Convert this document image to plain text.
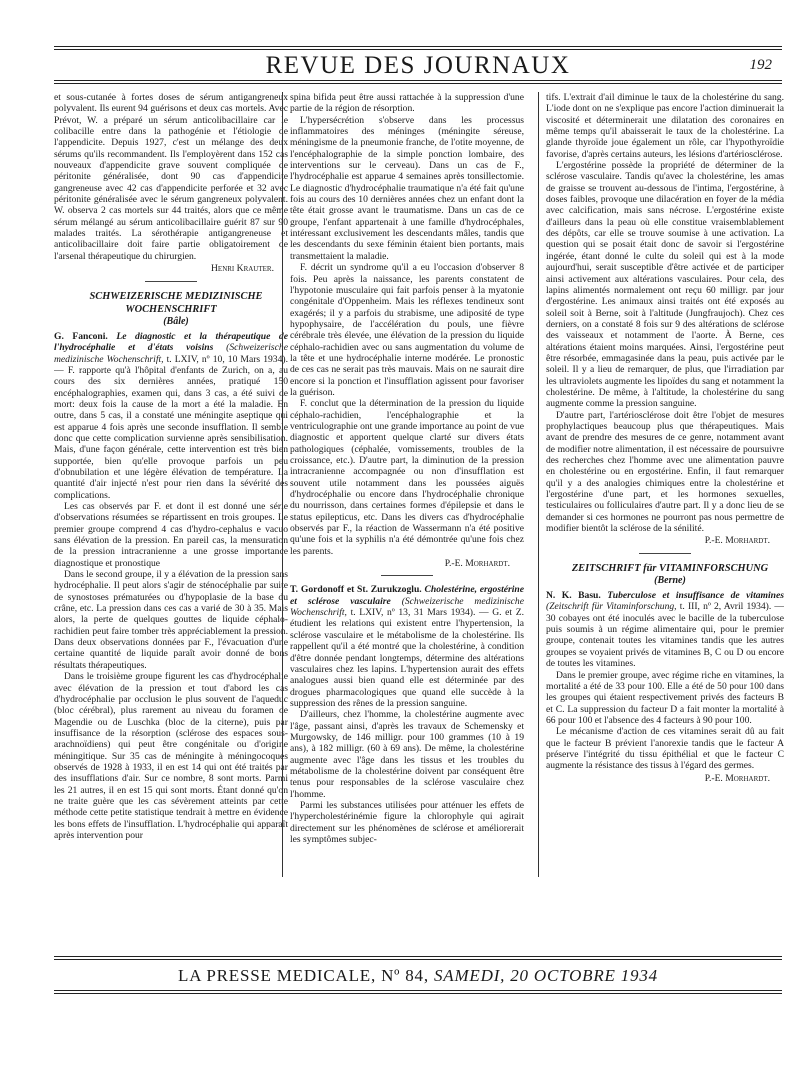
REVUE DES JOURNAUX	192

et sous-cutanée à fortes doses de sérum antigangreneux polyvalent. Ils eurent 94 guérisons et deux cas mortels. Avec Prévot, W. a préparé un sérum anticolibacillaire car le colibacille entre dans la pathogénie et l'étiologie de l'appendicite. Depuis 1927, c'est un mélange des deux sérums qu'ils recommandent. Ils l'employèrent dans 152 cas nouveaux d'appendicite grave souvent compliquée de péritonite généralisée, dont 90 cas d'appendicite gangreneuse avec 42 cas d'appendicite perforée et 32 avec péritonite généralisée avec le sérum gangreneux polyvalent. W. observa 2 cas mortels sur 44 traités, alors que ce même sérum mélangé au sérum anticolibacillaire guérit 87 sur 90 malades traités. La sérothérapie antigangreneuse et anticolibacillaire doit faire partie obligatoirement de l'arsenal thérapeutique du chirurgien.

Henri Krauter.

SCHWEIZERISCHE MEDIZINISCHE WOCHENSCHRIFT

(Bâle)

G. Fanconi. Le diagnostic et la thérapeutique de l'hydrocéphalie et d'états voisins (Schweizerische medizinische Wochenschrift, t. LXIV, nº 10, 10 Mars 1934). — F. rapporte qu'à l'hôpital d'enfants de Zurich, on a, au cours des six dernières années, pratiqué 150 encéphalographies, examen qui, dans 3 cas, a été suivi de mort: deux fois la cause de la mort a été la maladie. En outre, dans 5 cas, il a constaté une méningite aseptique qui est apparue 4 fois après une seconde insufflation. Il semble donc que cette complication survienne après sensibilisation. Mais, d'une façon générale, cette intervention est très bien supportée, bien qu'elle provoque parfois un peu d'obnubilation et une légère élévation de température. La quantité d'air injecté n'est pour rien dans la sévérité des complications.

Les cas observés par F. et dont il est donné une série d'observations résumées se répartissent en trois groupes. Le premier groupe comprend 4 cas d'hydro-cephalus e vacuo sans élévation de la pression. En pareil cas, la mensuration de la pression intracranienne a une grosse importance diagnostique et pronostique

Dans le second groupe, il y a élévation de la pression sans hydrocéphalie. Il peut alors s'agir de sténocéphalie par suite de synostoses prématurées ou d'hypoplasie de la base du crâne, etc. La pression dans ces cas a varié de 30 à 35. Mais alors, la perte de quelques gouttes de liquide céphalo-rachidien peut faire tomber très appréciablement la pression. Dans deux observations données par F., l'évacuation d'une certaine quantité de liquide paraît avoir donné de bons résultats thérapeutiques.

Dans le troisième groupe figurent les cas d'hydrocéphalie avec élévation de la pression et tout d'abord les cas d'hydrocéphalie par occlusion le plus souvent de l'aqueduc (bloc cérébral), plus rarement au niveau du foramen de Magendie ou de Luschka (bloc de la citerne), puis par insuffisance de la résorption (sclérose des espaces sous-arachnoïdiens) qui peut être congénitale ou d'origine méningitique. Sur 35 cas de méningite à méningocoques observés de 1928 à 1933, il en est 14 qui ont été traités par des insufflations d'air. Sur ce nombre, 8 sont morts. Parmi les 21 autres, il en est 15 qui sont morts. Étant donné qu'on ne traite guère que les cas sévèrement atteints par cette méthode cette petite statistique tendrait à mettre en évidence les bons effets de l'insufflation. L'hydrocéphalie qui apparaît après intervention pour

spina bifida peut être aussi rattachée à la suppression d'une partie de la région de résorption.

L'hypersécrétion s'observe dans les processus inflammatoires des méninges (méningite séreuse, méningisme de la pneumonie franche, de l'otite moyenne, de l'encéphalographie de la simple ponction lombaire, des interventions sur le cerveau). Dans un cas de F., l'hydrocéphalie est apparue 4 semaines après tonsillectomie. Le diagnostic d'hydrocéphalie traumatique n'a été fait qu'une fois au cours des 10 dernières années chez un enfant dont la tête était grosse avant le traumatisme. Dans un cas de ce groupe, l'enfant appartenait à une famille d'hydrocéphales, intéressant exclusivement les descendants mâles, tandis que les descendants du sexe féminin étaient bien portants, mais transmettaient la maladie.

F. décrit un syndrome qu'il a eu l'occasion d'observer 8 fois. Peu après la naissance, les parents constatent de l'hypotonie musculaire qui fait parfois penser à la myatonie congénitale d'Oppenheim. Mais les réflexes tendineux sont exagérés; il y a parfois du strabisme, une adiposité de type hypophysaire, de l'accélération du pouls, une fièvre cérébrale très élevée, une élévation de la pression du liquide céphalo-rachidien avec ou sans augmentation du volume de la tête et une hydrocéphalie interne modérée. Le pronostic de ces cas ne serait pas très mauvais. Mais on ne saurait dire encore si la ponction et l'insufflation agissent pour favoriser la guérison.

F. conclut que la détermination de la pression du liquide céphalo-rachidien, l'encéphalographie et la ventriculographie ont une grande importance au point de vue diagnostic et apportent quelque clarté sur divers états pathologiques (céphalée, vomissements, troubles de la croissance, etc.). D'autre part, la diminution de la pression intracranienne accompagnée ou non d'insufflation est souvent utile notamment dans les poussées aiguës d'hydrocéphalie ou encore dans l'hydrocéphalie chronique du nourrisson, dans certaines formes d'épilepsie et dans le status epilepticus, etc. Dans les divers cas d'hydrocéphalie observés par F., la réaction de Wassermann n'a été positive qu'une fois et la syphilis n'a été démontrée qu'une fois chez les parents.

P.-E. Morhardt.

T. Gordonoff et St. Zurukzoglu. Cholestérine, ergostérine et sclérose vasculaire (Schweizerische medizinische Wochenschrift, t. LXIV, nº 13, 31 Mars 1934). — G. et Z. étudient les relations qui existent entre l'hypertension, la sclérose vasculaire et le métabolisme de la cholestérine. Ils rappellent qu'il a été montré que la cholestérine, à condition d'être donnée pendant longtemps, détermine des altérations vasculaires chez les lapins. L'hypertension aurait des effets analogues aussi bien quand elle est déterminée par des drogues pharmacologiques que quand elle succède à la suppression des rênes de la pression sanguine.

D'ailleurs, chez l'homme, la cholestérine augmente avec l'âge, passant ainsi, d'après les travaux de Schemensky et Murgowsky, de 146 milligr. pour 100 grammes (10 à 19 ans), à 182 milligr. (60 à 69 ans). De même, la cholestérine augmente avec l'âge dans les tissus et les troubles du métabolisme de la cholestérine doivent par conséquent être tenus pour responsables de la sclérose vasculaire chez l'homme.

Parmi les substances utilisées pour atténuer les effets de l'hypercholestérinémie figure la chlorophyle qui agirait directement sur les phénomènes de sclérose et améliorerait les symptômes subjec-

tifs. L'extrait d'ail diminue le taux de la cholestérine du sang. L'iode dont on ne s'explique pas encore l'action diminuerait la viscosité et déterminerait une dilatation des coronaires en même temps qu'il abaisserait le taux de la cholestérine. La glande thyroïde joue également un rôle, car l'hypothyroïdie favorise, d'après certains auteurs, les lésions d'artériosclérose.

L'ergostérine possède la propriété de déterminer de la sclérose vasculaire. Tandis qu'avec la cholestérine, les amas de graisse se trouvent au-dessous de l'intima, l'ergostérine, à doses faibles, provoque une dilacération en foyer de la média avec calcification, mais sans nécrose. L'ergostérine existe d'ailleurs dans la peau où elle constitue vraisemblablement des dépôts, car elle se trouve soumise à une activation. La question qui se posait était donc de savoir si l'ergostérine ingérée, étant donné le culte du soleil qui est à la mode aujourd'hui, serait susceptible d'être activée et de participer ainsi activement aux altérations vasculaires. Pour cela, des lapins alimentés normalement ont reçu 60 milligr. par jour d'ergostérine. Les animaux ainsi traités ont été exposés au soleil soit à Berne, soit à l'altitude (Jungfraujoch). Chez ces derniers, on a constaté 8 fois sur 9 des altérations de sclérose des vaisseaux et notamment de l'aorte. À Berne, ces altérations étaient moins marquées. Ainsi, l'ergostérine peut être résorbée, emmagasinée dans la peau, puis activée par le soleil. Il y a lieu de remarquer, de plus, que l'irradiation par les ultraviolets augmente les lipoïdes du sang et notamment la cholestérine. De même, à l'altitude, la cholestérine du sang augmente comme la pression sanguine.

D'autre part, l'artériosclérose doit être l'objet de mesures prophylactiques beaucoup plus que thérapeutiques. Mais avant de prendre des mesures de ce genre, notamment avant de modifier notre alimentation, il est nécessaire de poursuivre des recherches chez l'homme avec une alimentation pauvre en cholestérine ou en ergostérine. Enfin, il faut remarquer qu'il y a des analogies chimiques entre la cholestérine et l'ergostérine d'une part, et les hormones sexuelles, testiculaires ou folliculaires d'autre part. Il y a donc lieu de se demander si ces hormones ne pourront pas nous permettre de modifier bientôt la sclérose de la sénilité.

P.-E. Morhardt.

ZEITSCHRIFT für VITAMINFORSCHUNG

(Berne)

N. K. Basu. Tuberculose et insuffisance de vitamines (Zeitschrift für Vitaminforschung, t. III, nº 2, Avril 1934). — 30 cobayes ont été inoculés avec le bacille de la tuberculose puis soumis à un régime alimentaire qui, pour le premier groupe, contenait toutes les vitamines tandis que les autres groupes se voyaient privés de vitamines B, C ou D ou encore de toutes les vitamines.

Dans le premier groupe, avec régime riche en vitamines, la mortalité a été de 33 pour 100. Elle a été de 50 pour 100 dans les groupes qui étaient respectivement privés des facteurs B et C. La suppression du facteur D a fait monter la mortalité à 66 pour 100 et l'absence des 4 facteurs à 90 pour 100.

Le mécanisme d'action de ces vitamines serait dû au fait que le facteur B prévient l'anorexie tandis que le facteur A préserve l'intégrité du tissu épithélial et que le facteur C augmente la résistance des tissus à l'égard des germes.

P.-E. Morhardt.

LA PRESSE MEDICALE, Nº 84, SAMEDI, 20 OCTOBRE 1934
